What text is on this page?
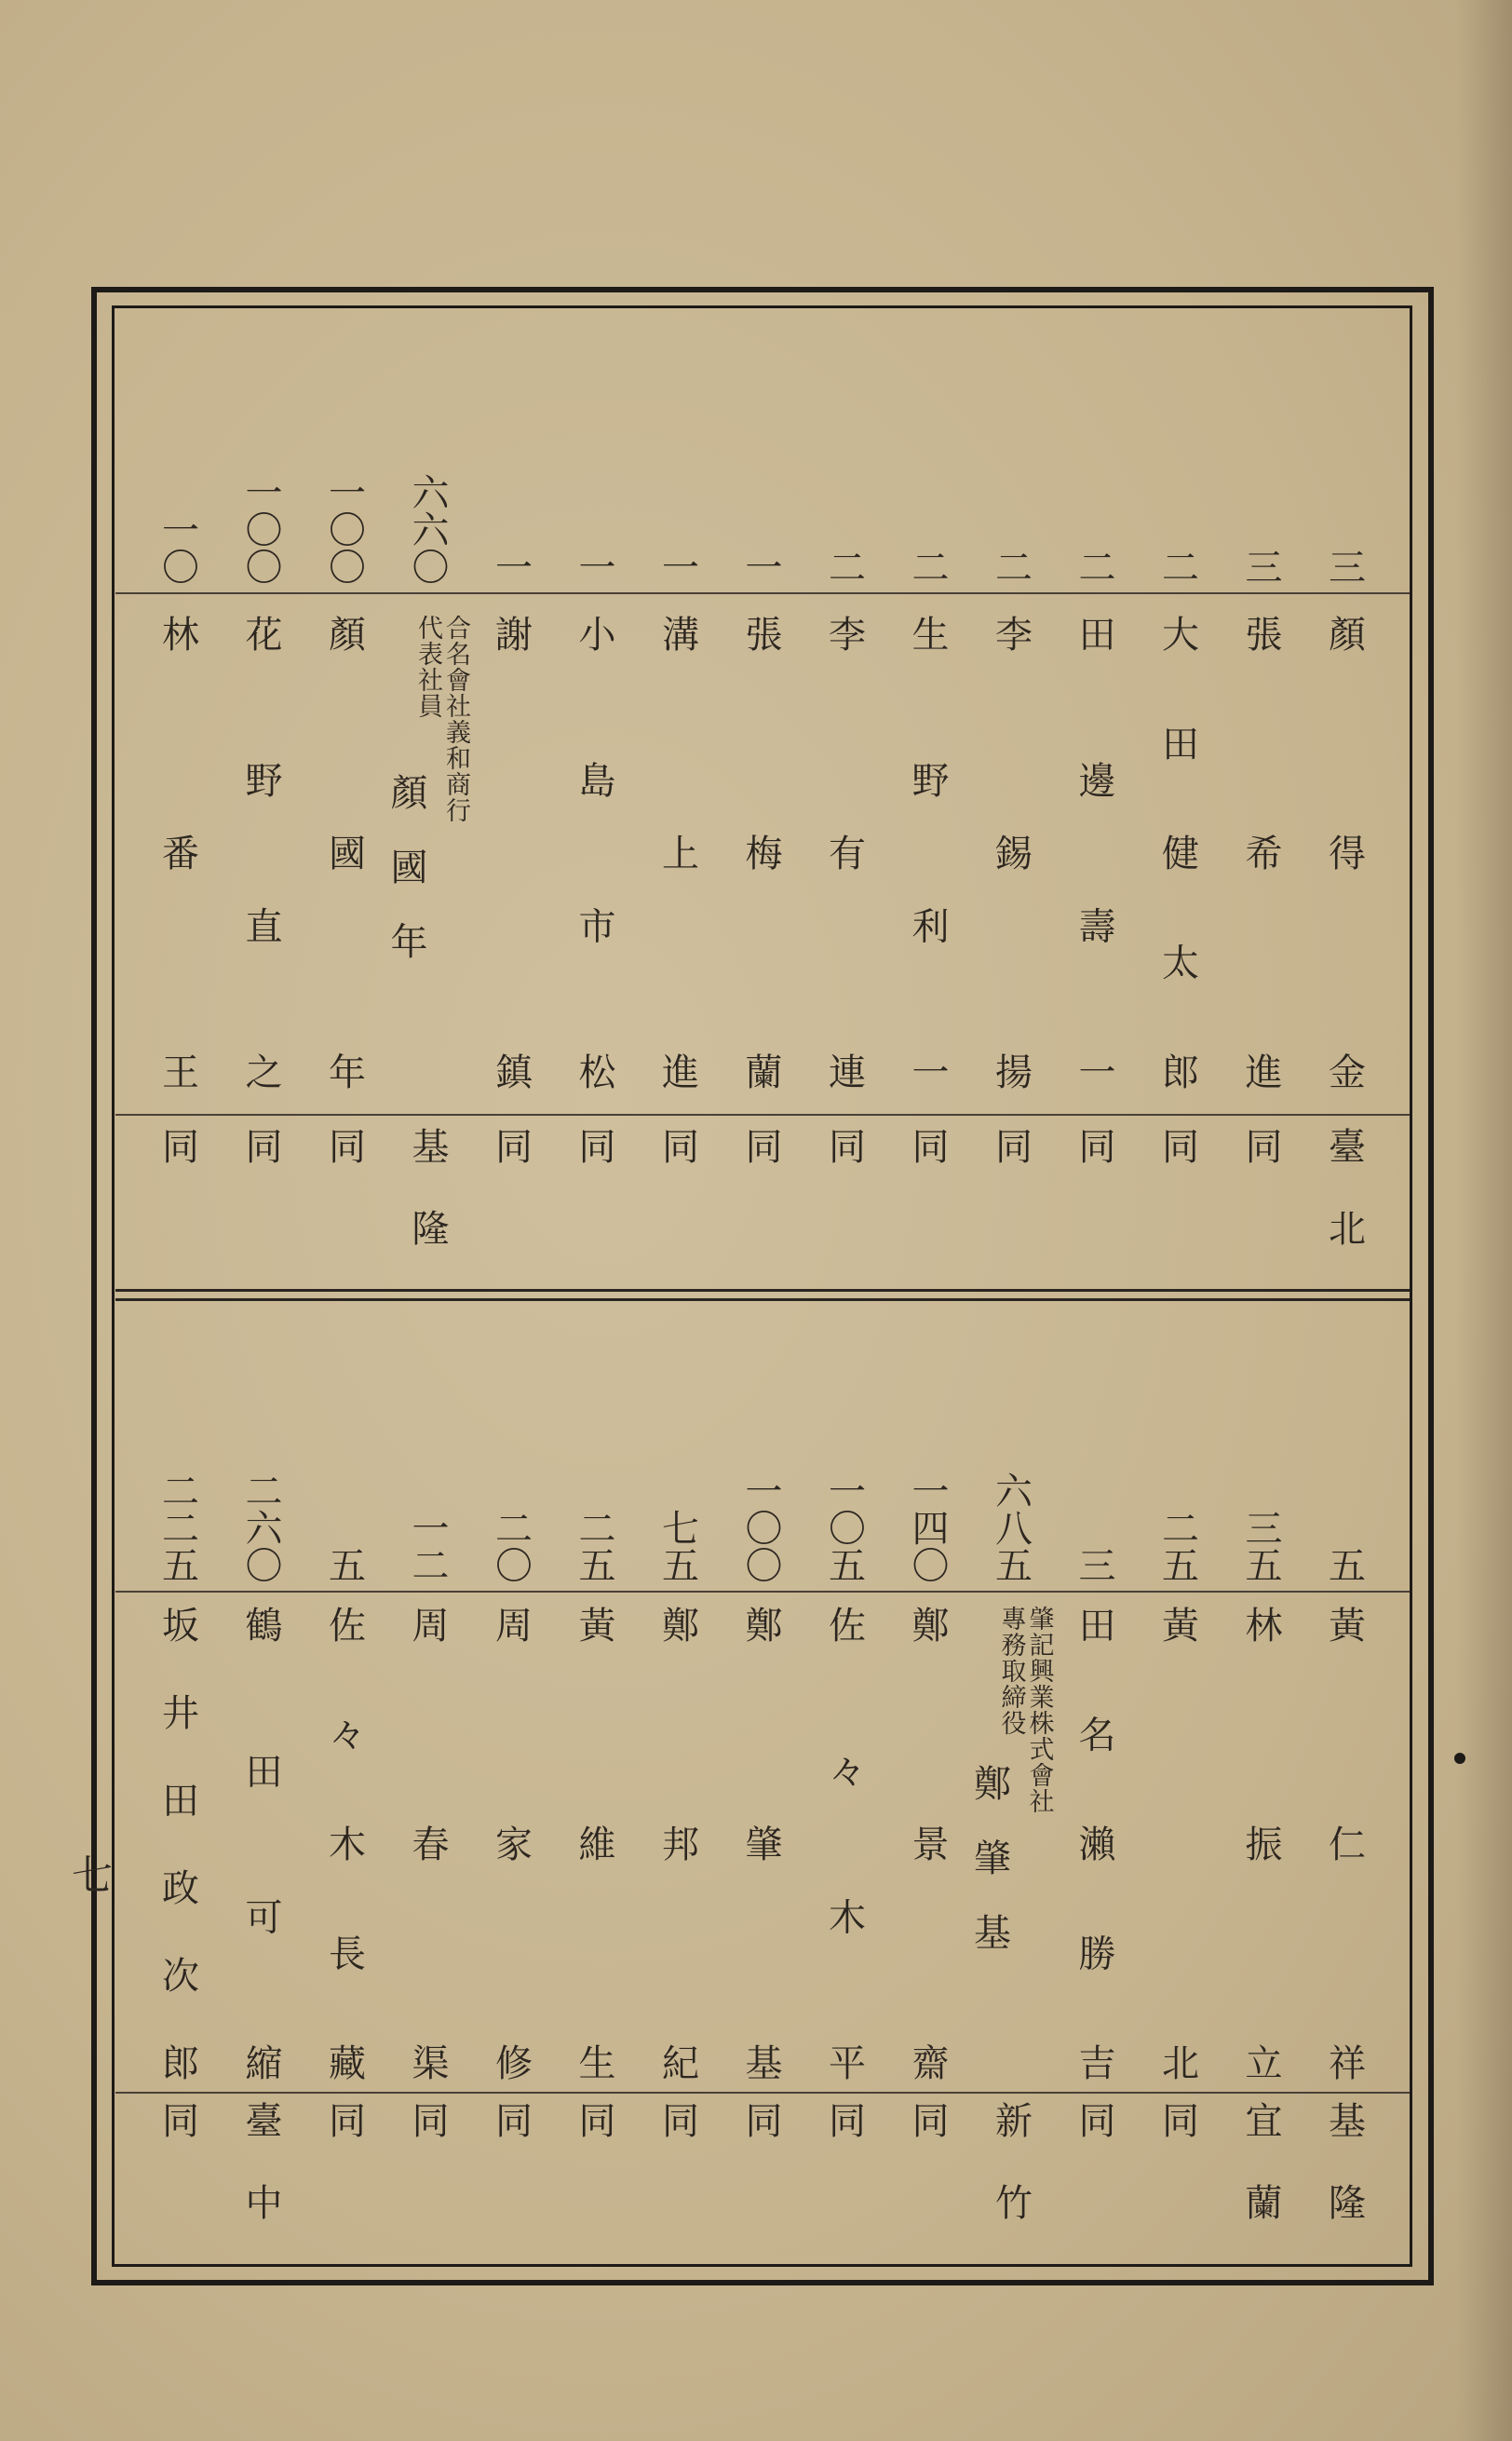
三
顏　得　金
臺北
三
張　希　進
同
二
大田健太郎
同
二
田　邊　壽　一
同
二
李　錫　揚
同
二
生　野　利　一
同
二
李　有　連
同
一
張　梅　蘭
同
一
溝　上　進
同
一
小　島　市　松
同
一
謝　鎮
同
六六〇
合名會社義和商行
代表社員
顏　國　年
基隆
一〇〇
顏　國　年
同
一〇〇
花　野　直　之
同
一〇
林　番　王
同
五
黃　仁　祥
基隆
三五
林　振　立
宜蘭
二五
黃　北
同
三
田　名　瀨　勝　吉
同
六八五
肇記興業株式會社
專務取締役
鄭　肇　基
新竹
一四〇
鄭　景　齋
同
一〇五
佐　々　木　平
同
一〇〇
鄭　肇　基
同
七五
鄭　邦　紀
同
二五
黃　維　生
同
二〇
周　家　修
同
一二
周　春　渠
同
五
佐　々　木　長　藏
同
二六〇
鶴　田　可　縮
臺中
二二五
坂　井　田　政　次　郎
同
七
